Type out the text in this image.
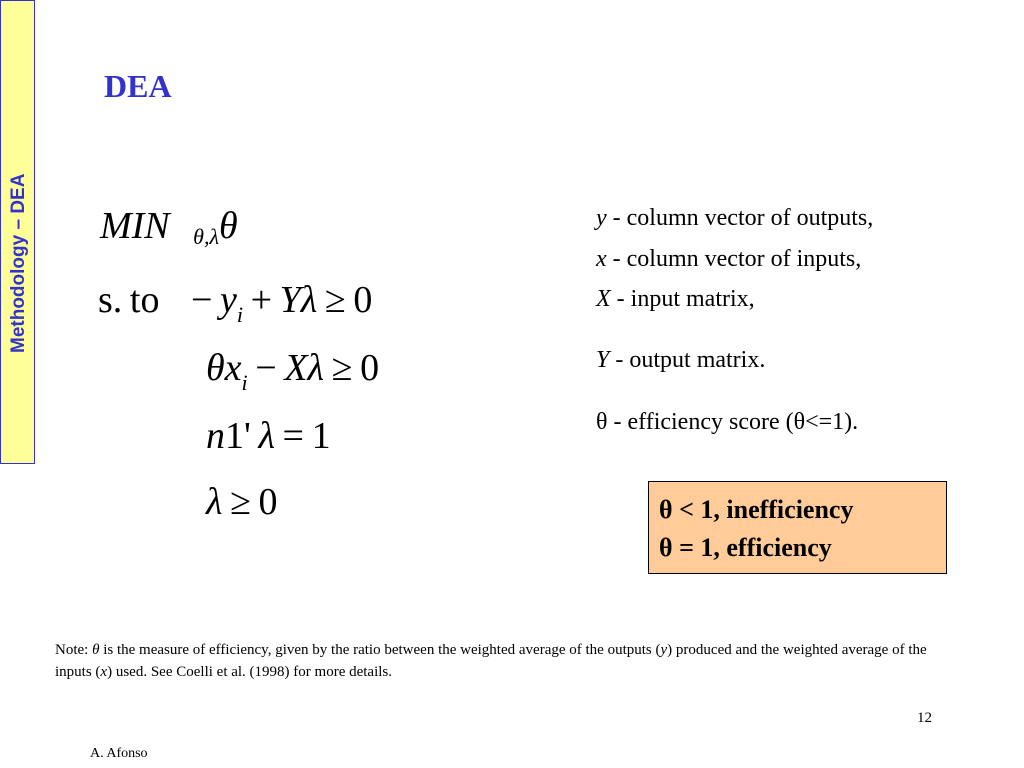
Methodology – DEA
DEA
MIN θ,λθ
s. to − $y_i + Y\lambda \ge 0$
$\theta x_i - X\lambda \ge 0$
n1' λ = 1
λ ≥ 0
y - column vector of outputs,
x - column vector of inputs,
X - input matrix,
Y - output matrix.
θ - efficiency score (θ<=1).
θ < 1, inefficiency
θ = 1, efficiency
Note: θ is the measure of efficiency, given by the ratio between the weighted average of the outputs (y) produced and the weighted average of the inputs (x) used. See Coelli et al. (1998) for more details.
12
A. Afonso
